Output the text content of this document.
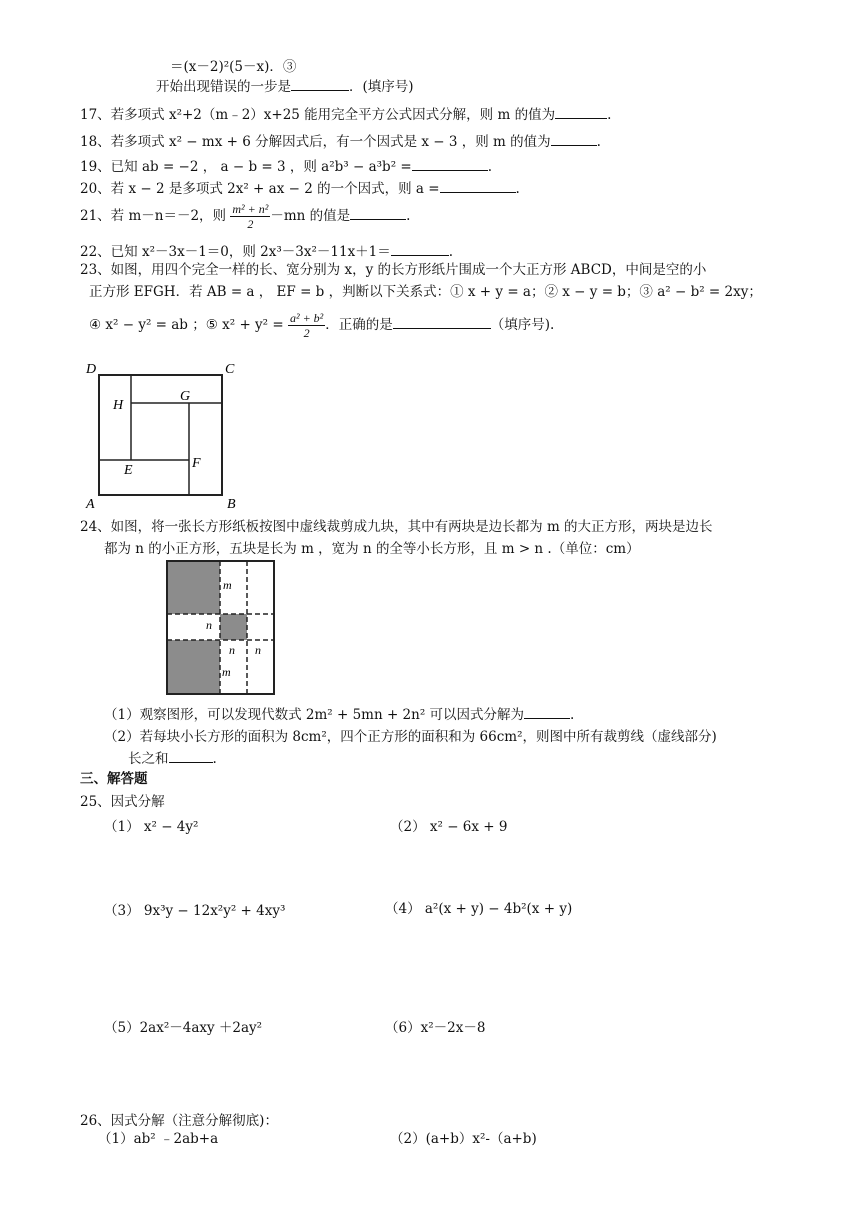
＝(x－2)²(5－x)．③
开始出现错误的一步是	．(填序号)
17、若多项式 x²+2（m﹣2）x+25 能用完全平方公式因式分解，则 m 的值为	.
18、若多项式 x² − mx + 6 分解因式后，有一个因式是 x − 3 ，则 m 的值为	.
19、已知 ab = −2 ， a − b = 3 ，则 a²b³ − a³b² =	.
20、若 x − 2 是多项式 2x² + ax − 2 的一个因式，则 a =	.
21、若 m－n＝－2，则 $\frac{\text{m² + n²}}{2} -mn$ 的值是	.
22、已知 x²－3x－1＝0，则 2x³－3x²－11x＋1＝	.
23、如图，用四个完全一样的长、宽分别为 x，y 的长方形纸片围成一个大正方形 ABCD，中间是空的小
正方形 EFGH．若 AB = a ， EF = b ，判断以下关系式：① x + y = a；② x − y = b；③ a² − b² = 2xy；
④ x² − y² = ab ；⑤ $x^2 + y^2 = \frac{\text{a² + b²}}{2}$ ．正确的是	（填序号).
D	C
A	B
H
G
E	F
24、如图，将一张长方形纸板按图中虚线裁剪成九块，其中有两块是边长都为 m 的大正方形，两块是边长
都为 n 的小正方形，五块是长为 m ，宽为 n 的全等小长方形，且 m > n .（单位：cm）
m
n
n n
m
（1）观察图形，可以发现代数式 2m² + 5mn + 2n² 可以因式分解为	.
（2）若每块小长方形的面积为 8cm²，四个正方形的面积和为 66cm²，则图中所有裁剪线（虚线部分)
长之和	.
三、解答题
25、因式分解
（1） x² − 4y²	（2） x² − 6x + 9
（3） 9x³y − 12x²y² + 4xy³	（4） a²(x + y) − 4b²(x + y)
（5）2ax²－4axy ＋2ay²	（6）x²－2x－8
26、因式分解（注意分解彻底)：
（1）ab² ﹣2ab+a	（2）(a+b）x²-（a+b)
